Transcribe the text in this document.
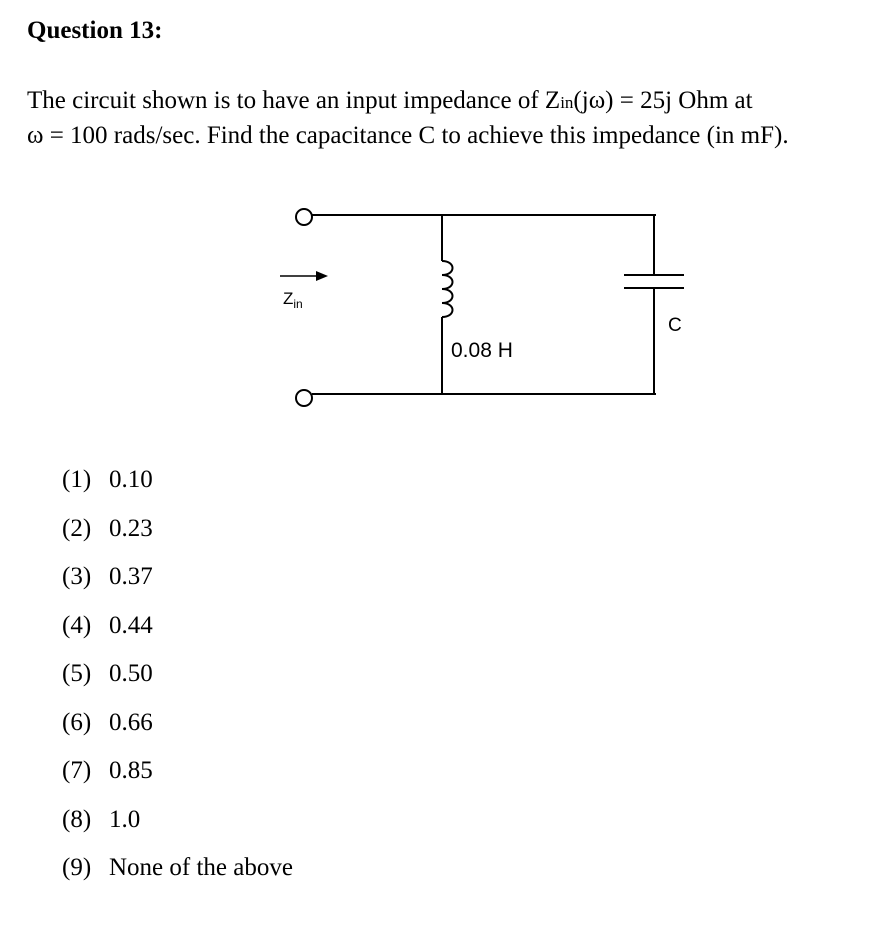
Question 13:
The circuit shown is to have an input impedance of Zin(jω) = 25j Ohm at
ω = 100 rads/sec. Find the capacitance C to achieve this impedance (in mF).
$Z_{in}$
0.08 H
C
(1) 0.10
(2) 0.23
(3) 0.37
(4) 0.44
(5) 0.50
(6) 0.66
(7) 0.85
(8) 1.0
(9) None of the above
